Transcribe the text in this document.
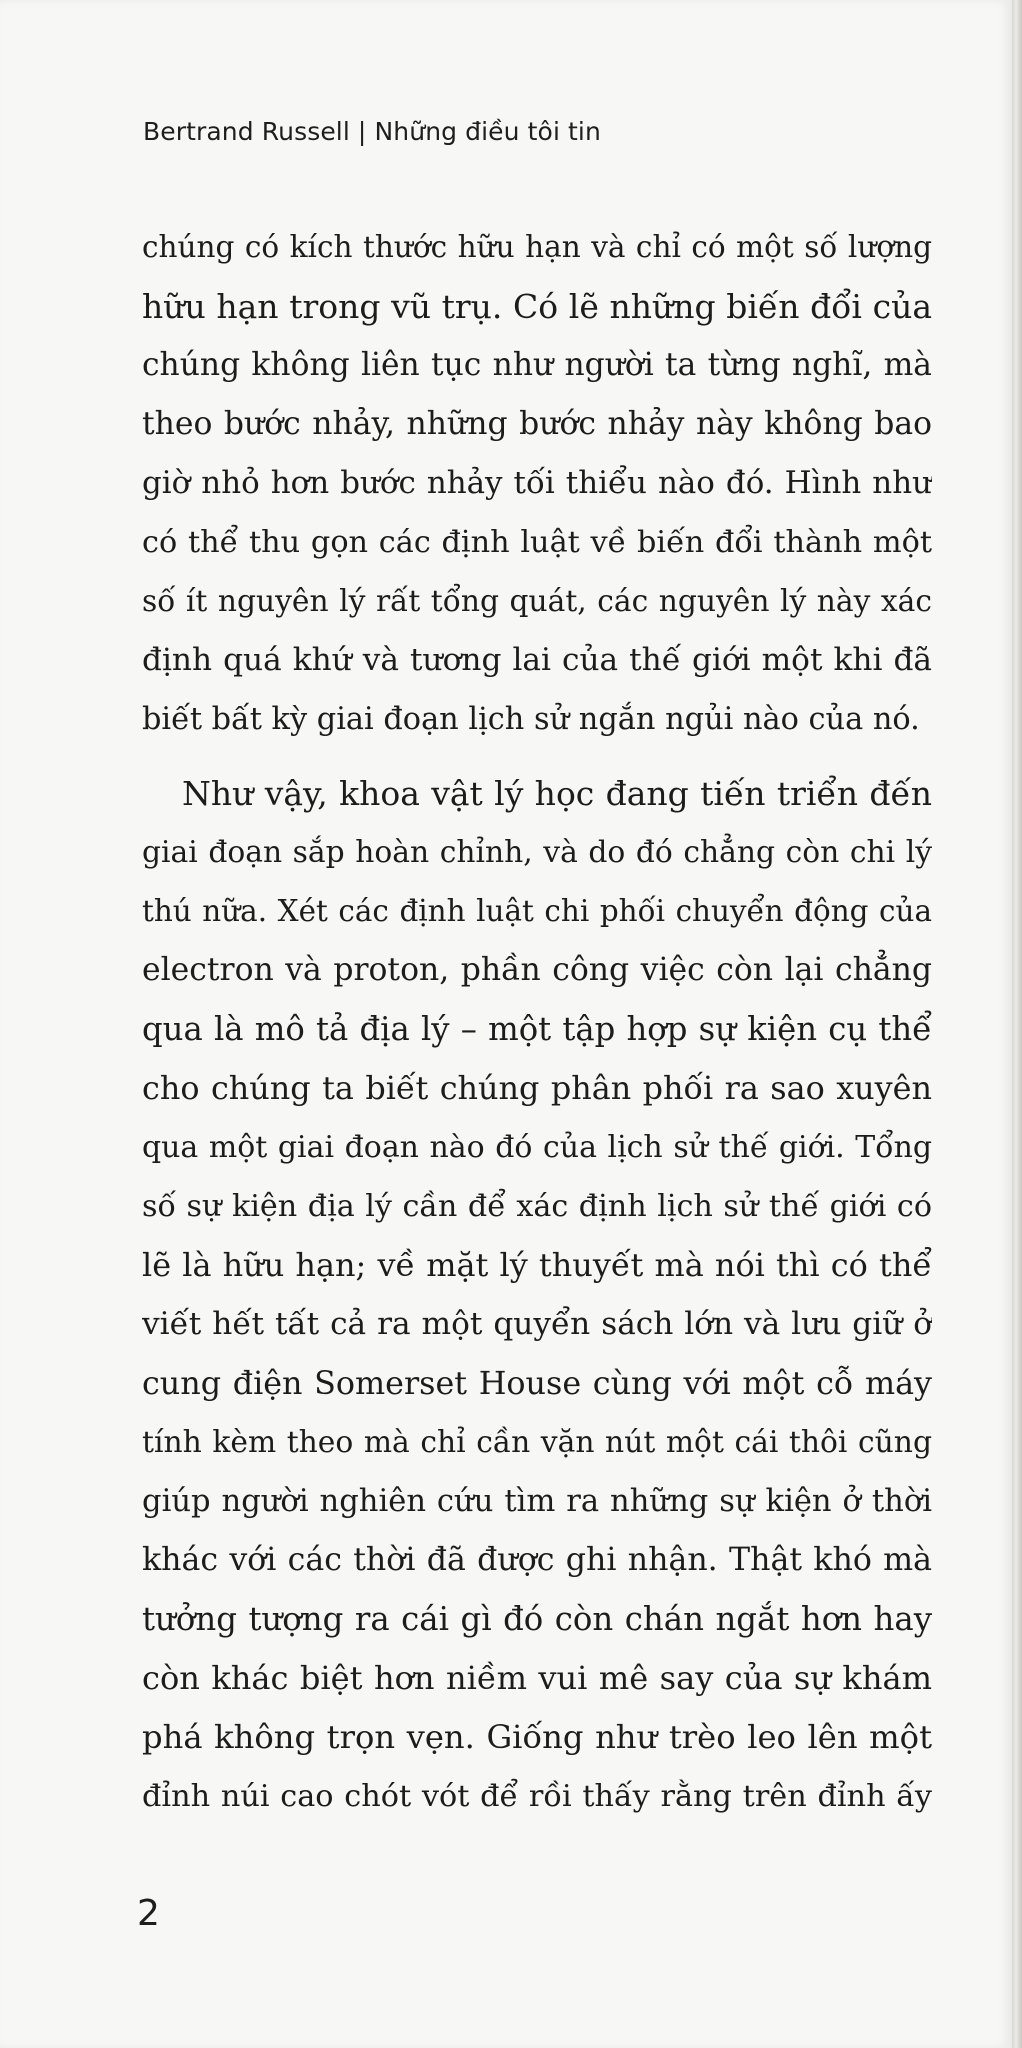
Bertrand Russell | Những điều tôi tin

chúng có kích thước hữu hạn và chỉ có một số lượng
hữu hạn trong vũ trụ. Có lẽ những biến đổi của
chúng không liên tục như người ta từng nghĩ, mà
theo bước nhảy, những bước nhảy này không bao
giờ nhỏ hơn bước nhảy tối thiểu nào đó. Hình như
có thể thu gọn các định luật về biến đổi thành một
số ít nguyên lý rất tổng quát, các nguyên lý này xác
định quá khứ và tương lai của thế giới một khi đã
biết bất kỳ giai đoạn lịch sử ngắn ngủi nào của nó.

Như vậy, khoa vật lý học đang tiến triển đến
giai đoạn sắp hoàn chỉnh, và do đó chẳng còn chi lý
thú nữa. Xét các định luật chi phối chuyển động của
electron và proton, phần công việc còn lại chẳng
qua là mô tả địa lý – một tập hợp sự kiện cụ thể
cho chúng ta biết chúng phân phối ra sao xuyên
qua một giai đoạn nào đó của lịch sử thế giới. Tổng
số sự kiện địa lý cần để xác định lịch sử thế giới có
lẽ là hữu hạn; về mặt lý thuyết mà nói thì có thể
viết hết tất cả ra một quyển sách lớn và lưu giữ ở
cung điện Somerset House cùng với một cỗ máy
tính kèm theo mà chỉ cần vặn nút một cái thôi cũng
giúp người nghiên cứu tìm ra những sự kiện ở thời
khác với các thời đã được ghi nhận. Thật khó mà
tưởng tượng ra cái gì đó còn chán ngắt hơn hay
còn khác biệt hơn niềm vui mê say của sự khám
phá không trọn vẹn. Giống như trèo leo lên một
đỉnh núi cao chót vót để rồi thấy rằng trên đỉnh ấy

2
